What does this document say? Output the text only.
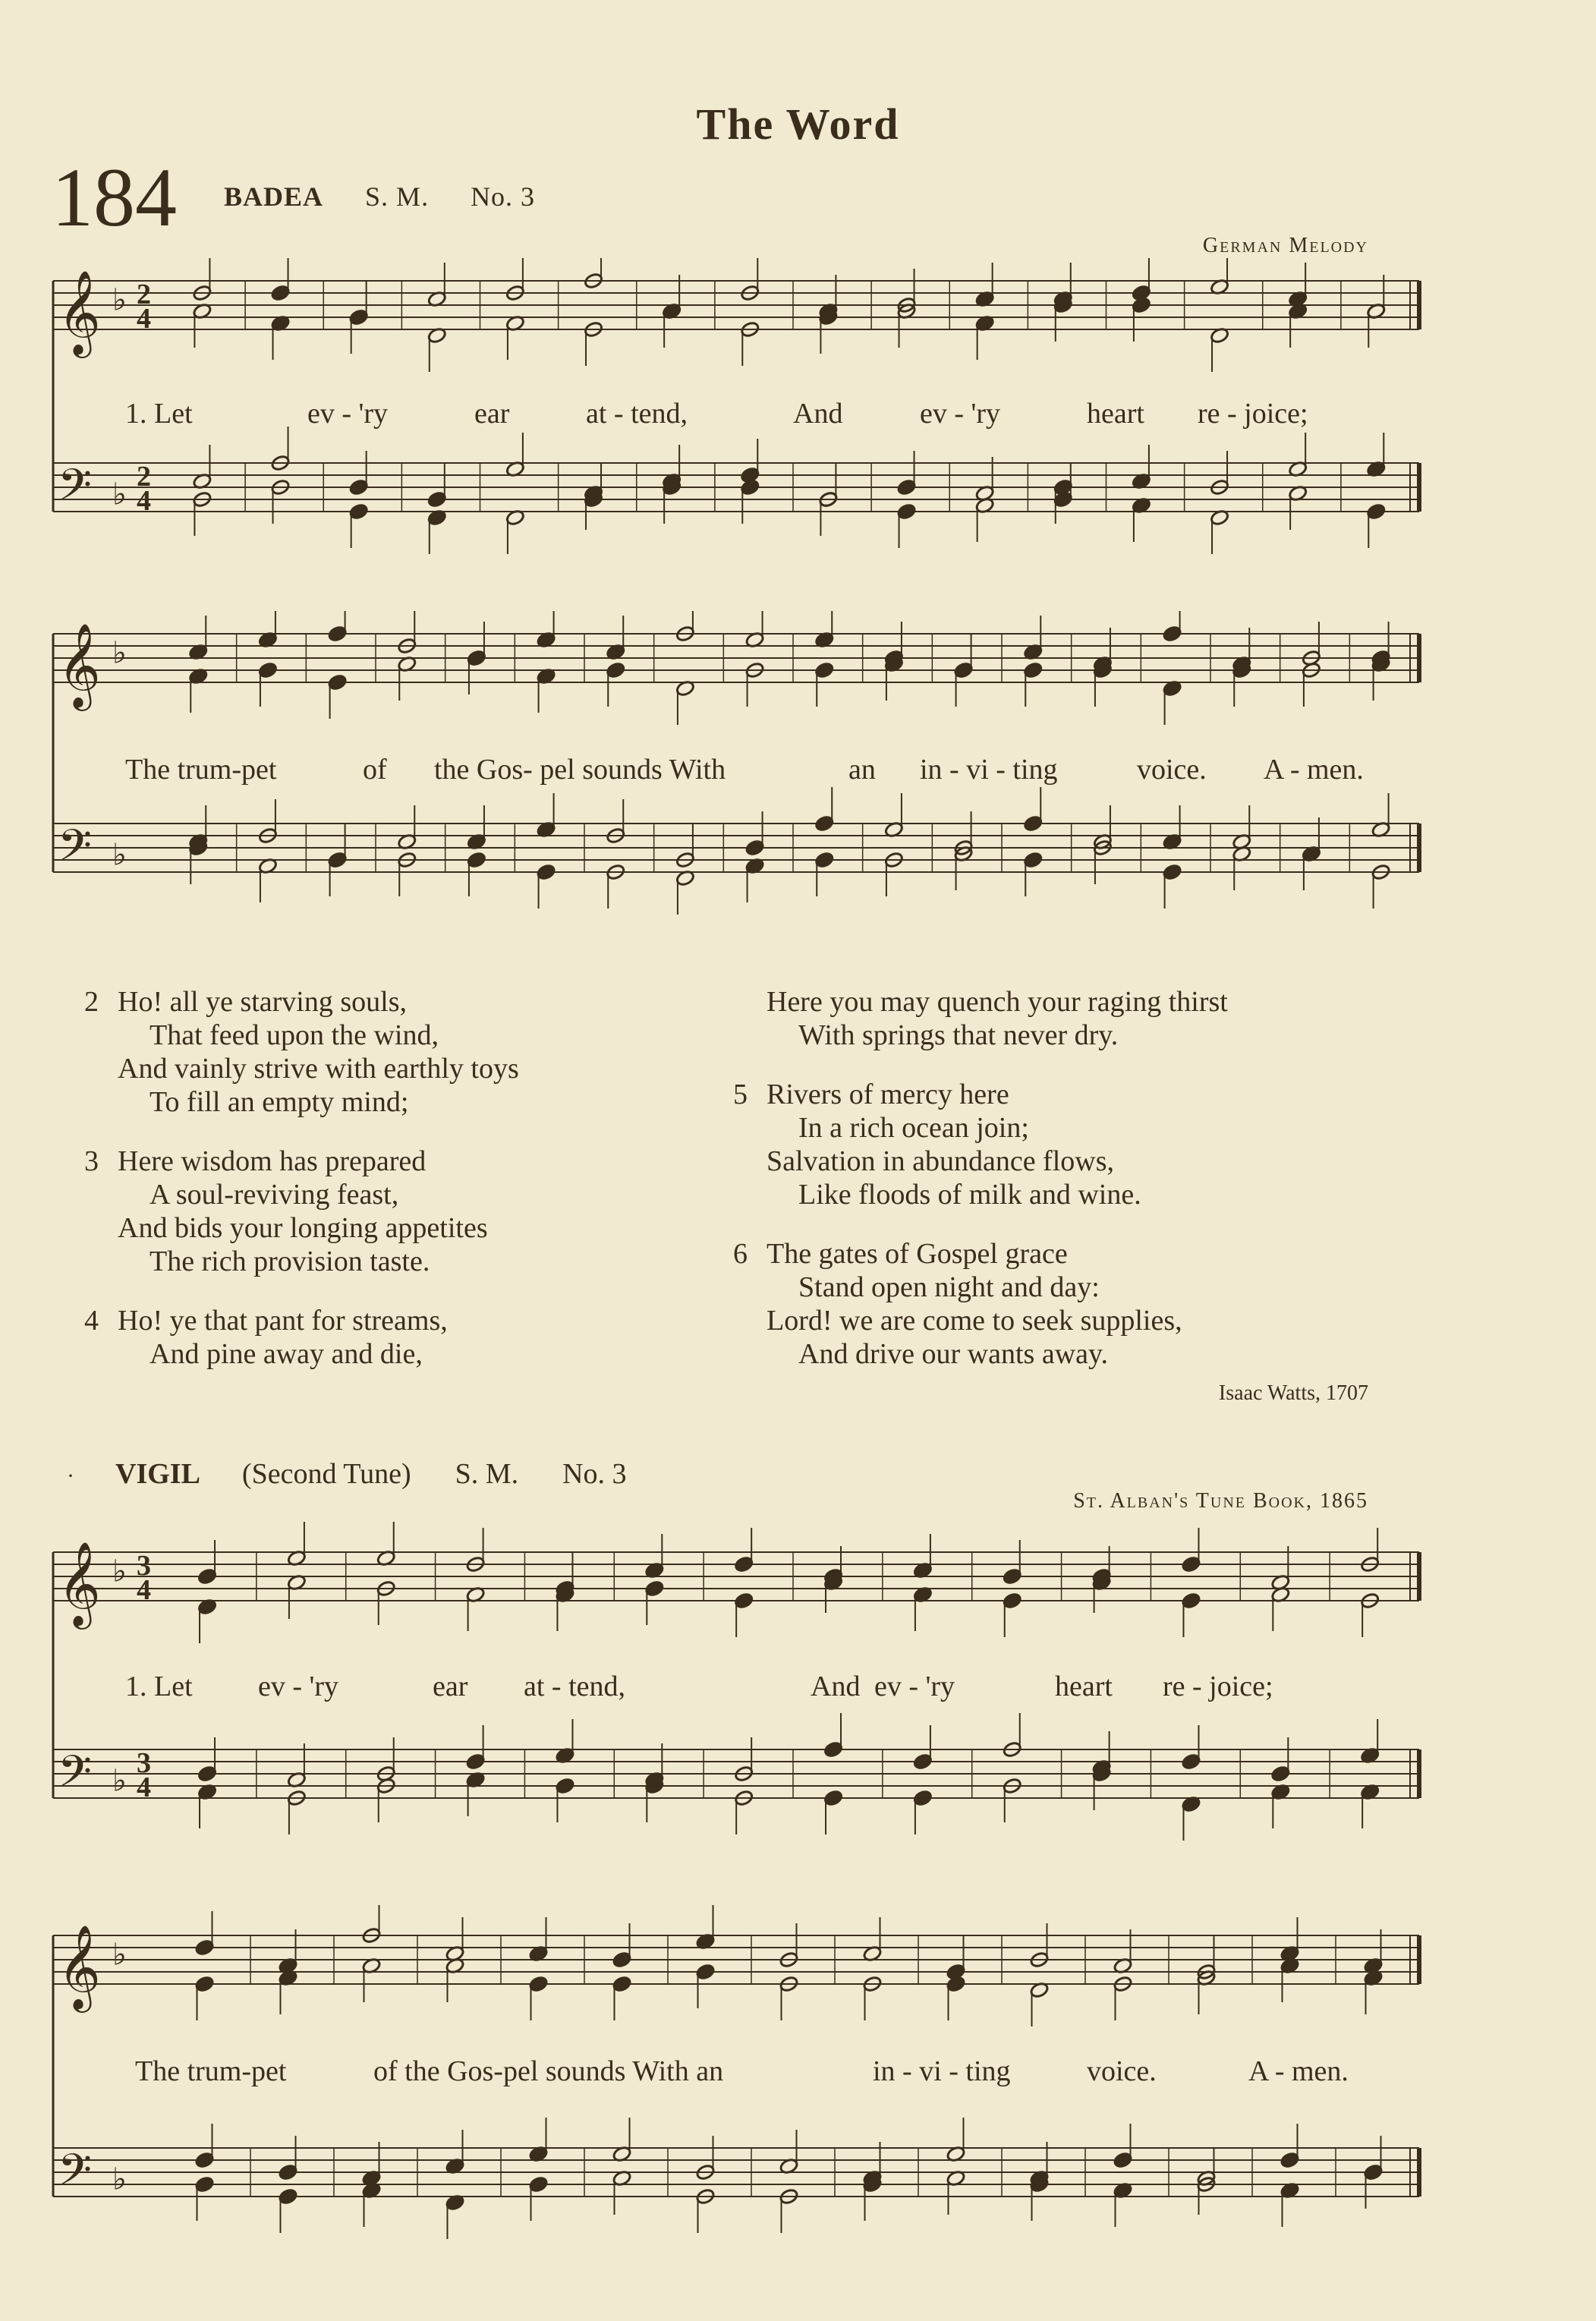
The Word
184 BADEA S. M. No. 3
German Melody
𝄞 ♭ 2
4
𝄢 ♭
2
4
1. Let	ev - 'ry	ear	at - tend,	And	ev - 'ry	heart re - joice;
𝄞 ♭
𝄢 ♭
The trum-pet	of the Gos- pel sounds With	an in - vi - ting	voice. A - men.
2 Ho! all ye starving souls,
That feed upon the wind,
And vainly strive with earthly toys
To fill an empty mind;
3 Here wisdom has prepared
A soul-reviving feast,
And bids your longing appetites
The rich provision taste.
4 Ho! ye that pant for streams,
And pine away and die,
Here you may quench your raging thirst
With springs that never dry.
5 Rivers of mercy here
In a rich ocean join;
Salvation in abundance flows,
Like floods of milk and wine.
6 The gates of Gospel grace
Stand open night and day:
Lord! we are come to seek supplies,
And drive our wants away.
Isaac Watts, 1707
· VIGIL (Second Tune) S. M. No. 3
St. Alban's Tune Book, 1865
𝄞 ♭ 3
4
𝄢 ♭
3
4
1. Let ev - 'ry	ear at - tend,	And ev - 'ry	heart re - joice;
𝄞 ♭
𝄢 ♭
The trum-pet	of the Gos-pel sounds With an	in - vi - ting	voice.	A - men.
